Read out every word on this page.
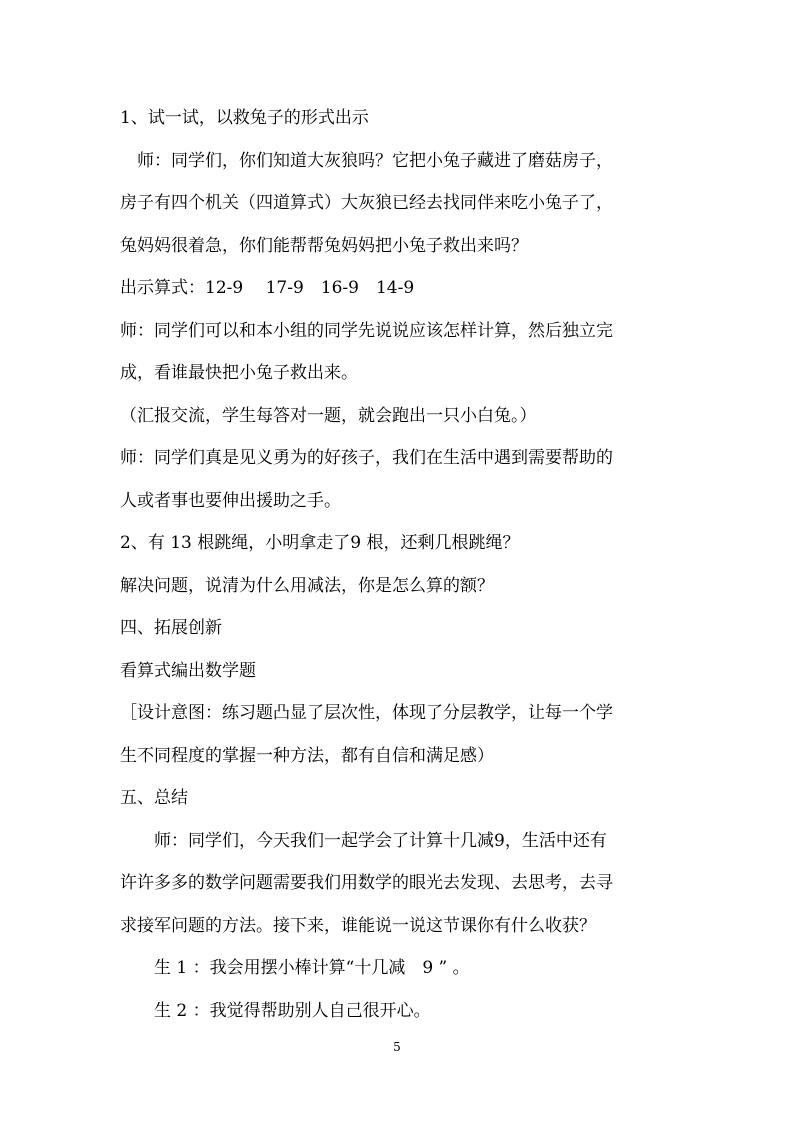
1、试一试，以救兔子的形式出示
　师：同学们，你们知道大灰狼吗？它把小兔子藏进了磨菇房子，
房子有四个机关（四道算式）大灰狼已经去找同伴来吃小兔子了，
兔妈妈很着急，你们能帮帮兔妈妈把小兔子救出来吗？
出示算式：12-9　 17-9　16-9　14-9
师：同学们可以和本小组的同学先说说应该怎样计算，然后独立完
成，看谁最快把小兔子救出来。
（汇报交流，学生每答对一题，就会跑出一只小白兔。）
师：同学们真是见义勇为的好孩子，我们在生活中遇到需要帮助的
人或者事也要伸出援助之手。
2、有 13 根跳绳，小明拿走了9 根，还剩几根跳绳？
解决问题，说清为什么用减法，你是怎么算的额？
四、拓展创新
看算式编出数学题
［设计意图：练习题凸显了层次性，体现了分层教学，让每一个学
生不同程度的掌握一种方法，都有自信和满足感）
五、总结
　　师：同学们，今天我们一起学会了计算十几减9，生活中还有
许许多多的数学问题需要我们用数学的眼光去发现、去思考，去寻
求接军问题的方法。接下来，谁能说一说这节课你有什么收获？
　　生 1 ：我会用摆小棒计算“十几减　9 ” 。
　　生 2 ：我觉得帮助别人自己很开心。
5
